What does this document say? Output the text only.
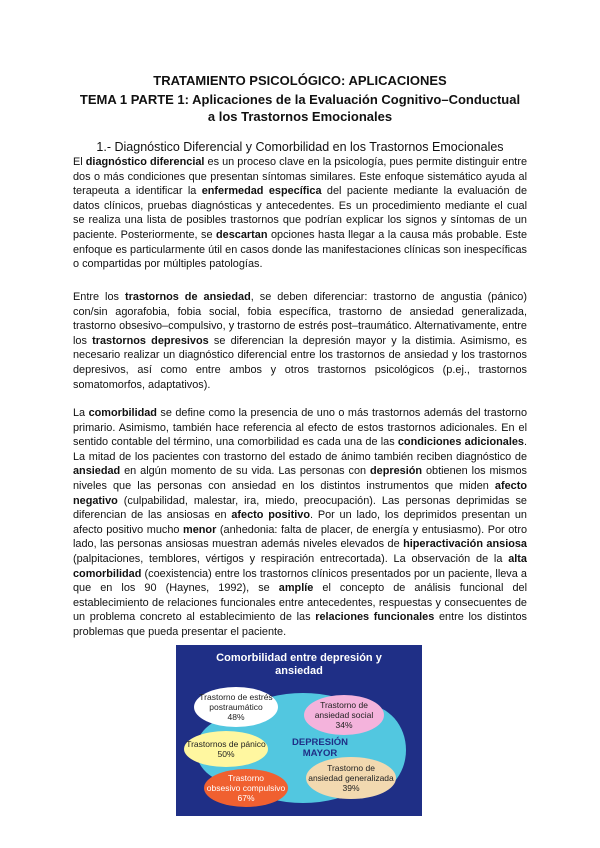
TRATAMIENTO PSICOLÓGICO: APLICACIONES
TEMA 1 PARTE 1: Aplicaciones de la Evaluación Cognitivo–Conductual
a los Trastornos Emocionales
1.- Diagnóstico Diferencial y Comorbilidad en los Trastornos Emocionales
El diagnóstico diferencial es un proceso clave en la psicología, pues permite distinguir entre dos o más condiciones que presentan síntomas similares. Este enfoque sistemático ayuda al terapeuta a identificar la enfermedad específica del paciente mediante la evaluación de datos clínicos, pruebas diagnósticas y antecedentes. Es un procedimiento mediante el cual se realiza una lista de posibles trastornos que podrían explicar los signos y síntomas de un paciente. Posteriormente, se descartan opciones hasta llegar a la causa más probable. Este enfoque es particularmente útil en casos donde las manifestaciones clínicas son inespecíficas o compartidas por múltiples patologías.
Entre los trastornos de ansiedad, se deben diferenciar: trastorno de angustia (pánico) con/sin agorafobia, fobia social, fobia específica, trastorno de ansiedad generalizada, trastorno obsesivo–compulsivo, y trastorno de estrés post–traumático. Alternativamente, entre los trastornos depresivos se diferencian la depresión mayor y la distimia. Asimismo, es necesario realizar un diagnóstico diferencial entre los trastornos de ansiedad y los trastornos depresivos, así como entre ambos y otros trastornos psicológicos (p.ej., trastornos somatomorfos, adaptativos).
La comorbilidad se define como la presencia de uno o más trastornos además del trastorno primario. Asimismo, también hace referencia al efecto de estos trastornos adicionales. En el sentido contable del término, una comorbilidad es cada una de las condiciones adicionales. La mitad de los pacientes con trastorno del estado de ánimo también reciben diagnóstico de ansiedad en algún momento de su vida. Las personas con depresión obtienen los mismos niveles que las personas con ansiedad en los distintos instrumentos que miden afecto negativo (culpabilidad, malestar, ira, miedo, preocupación). Las personas deprimidas se diferencian de las ansiosas en afecto positivo. Por un lado, los deprimidos presentan un afecto positivo mucho menor (anhedonia: falta de placer, de energía y entusiasmo). Por otro lado, las personas ansiosas muestran además niveles elevados de hiperactivación ansiosa (palpitaciones, temblores, vértigos y respiración entrecortada). La observación de la alta comorbilidad (coexistencia) entre los trastornos clínicos presentados por un paciente, lleva a que en los 90 (Haynes, 1992), se amplíe el concepto de análisis funcional del establecimiento de relaciones funcionales entre antecedentes, respuestas y consecuentes de un problema concreto al establecimiento de las relaciones funcionales entre los distintos problemas que pueda presentar el paciente.
Comorbilidad entre depresión y
ansiedad
DEPRESIÓN
MAYOR
Trastorno de estrés
postraumático
48%
Trastorno de
ansiedad social
34%
Trastornos de pánico
50%
Trastorno
obsesivo compulsivo
67%
Trastorno de
ansiedad generalizada
39%
